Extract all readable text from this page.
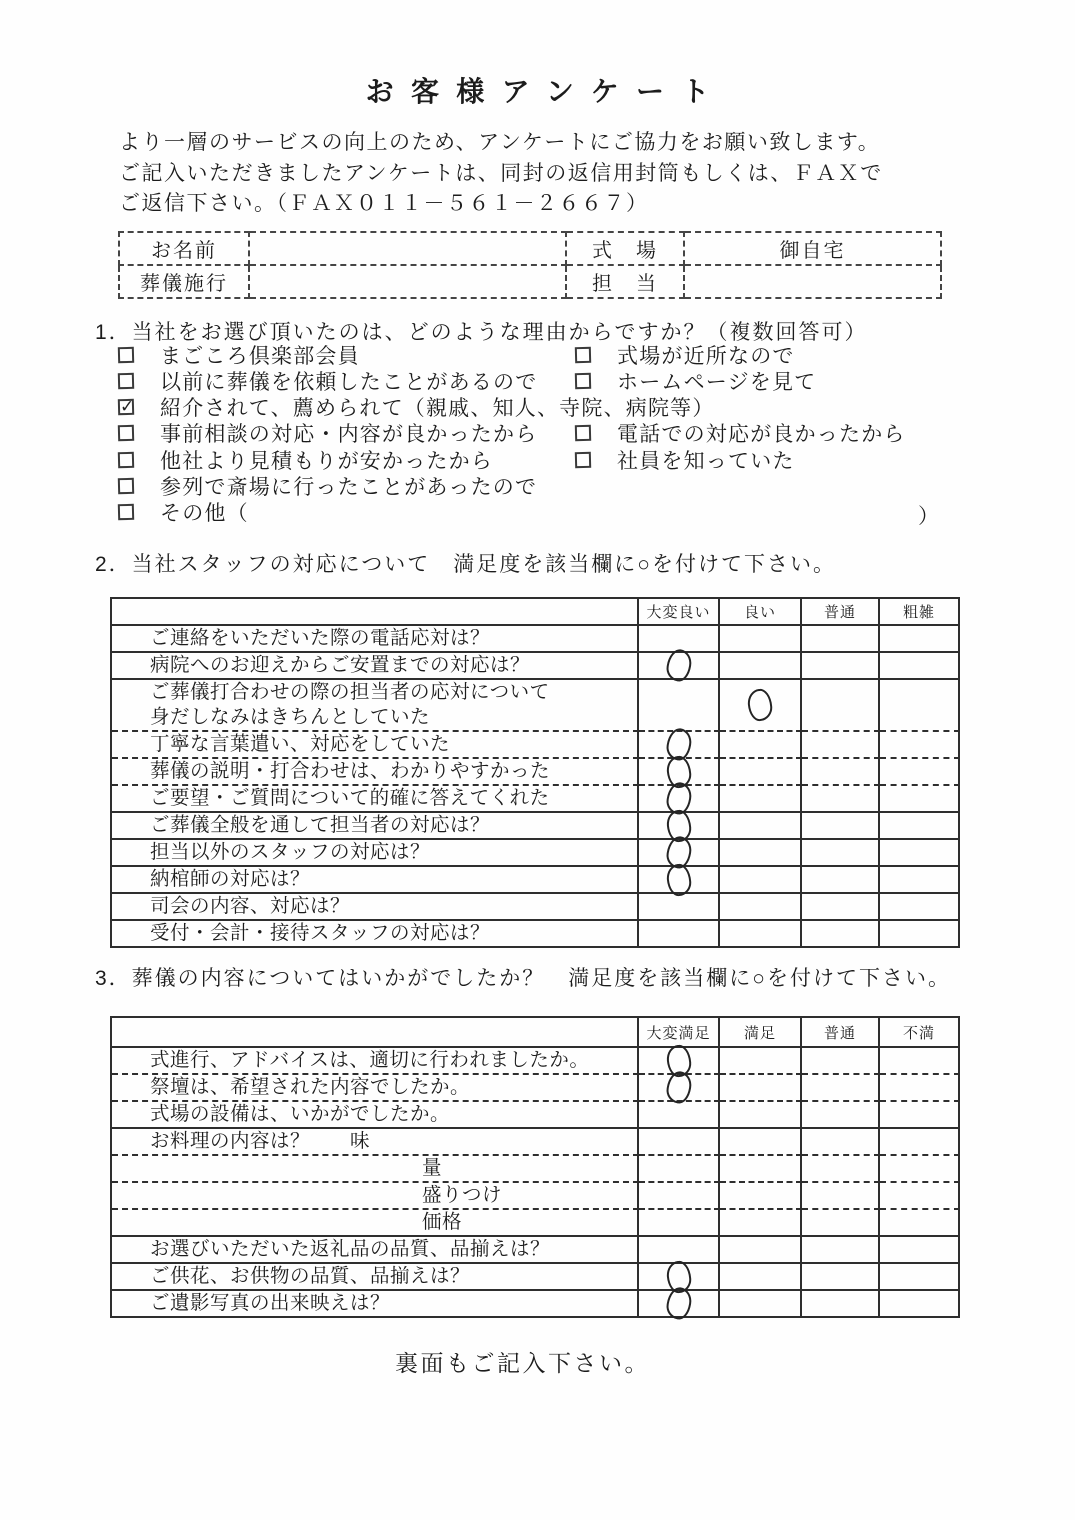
お客様アンケート
より一層のサービスの向上のため、アンケートにご協力をお願い致します。
ご記入いただきましたアンケートは、同封の返信用封筒もしくは、ＦＡＸで
ご返信下さい。（ＦＡＸ０１１－５６１－２６６７）
お名前		式　場	御自宅
葬儀施行		担　当	
1．当社をお選び頂いたのは、どのような理由からですか？（複数回答可）
まごころ倶楽部会員	式場が近所なので
以前に葬儀を依頼したことがあるので	ホームページを見て
✓ 紹介されて、薦められて（親戚、知人、寺院、病院等）
事前相談の対応・内容が良かったから	電話での対応が良かったから
他社より見積もりが安かったから	社員を知っていた
参列で斎場に行ったことがあったので
その他（	）
2．当社スタッフの対応について　満足度を該当欄に○を付けて下さい。
	大変良い	良い	普通	粗雑
ご連絡をいただいた際の電話応対は？				
病院へのお迎えからご安置までの対応は？	

ご葬儀打合わせの際の担当者の応対について
身だしなみはきちんとしていた		

丁寧な言葉遣い、対応をしていた	

葬儀の説明・打合わせは、わかりやすかった	

ご要望・ご質問について的確に答えてくれた	

ご葬儀全般を通して担当者の対応は？	

担当以外のスタッフの対応は？	

納棺師の対応は？	

司会の内容、対応は？				
受付・会計・接待スタッフの対応は？				
3．葬儀の内容についてはいかがでしたか？　満足度を該当欄に○を付けて下さい。
	大変満足	満足	普通	不満
式進行、アドバイスは、適切に行われましたか。	

祭壇は、希望された内容でしたか。	

式場の設備は、いかがでしたか。				
お料理の内容は？　　味				
量				
盛りつけ				
価格				
お選びいただいた返礼品の品質、品揃えは？				
ご供花、お供物の品質、品揃えは？	

ご遺影写真の出来映えは？	

裏面もご記入下さい。
